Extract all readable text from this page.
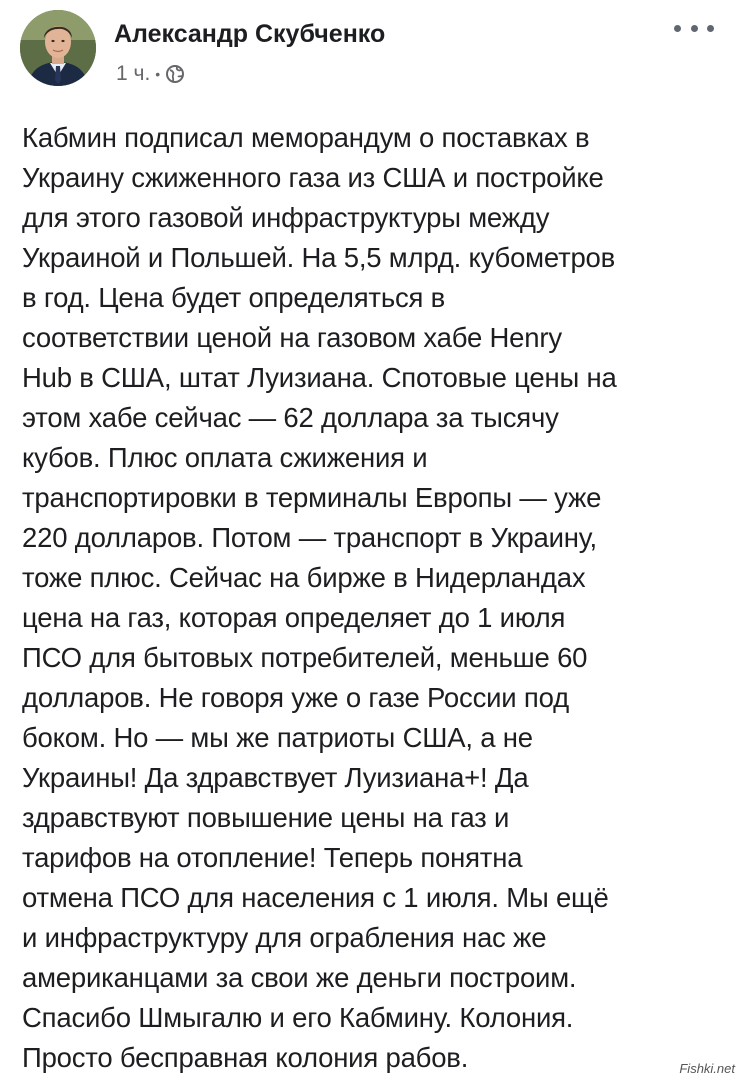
Александр Скубченко
1 ч. •
Кабмин подписал меморандум о поставках в
Украину сжиженного газа из США и постройке
для этого газовой инфраструктуры между
Украиной и Польшей. На 5,5 млрд. кубометров
в год. Цена будет определяться в
соответствии ценой на газовом хабе Henry
Hub в США, штат Луизиана. Спотовые цены на
этом хабе сейчас — 62 доллара за тысячу
кубов. Плюс оплата сжижения и
транспортировки в терминалы Европы — уже
220 долларов. Потом — транспорт в Украину,
тоже плюс. Сейчас на бирже в Нидерландах
цена на газ, которая определяет до 1 июля
ПСО для бытовых потребителей, меньше 60
долларов. Не говоря уже о газе России под
боком. Но — мы же патриоты США, а не
Украины! Да здравствует Луизиана+! Да
здравствуют повышение цены на газ и
тарифов на отопление! Теперь понятна
отмена ПСО для населения с 1 июля. Мы ещё
и инфраструктуру для ограбления нас же
американцами за свои же деньги построим.
Спасибо Шмыгалю и его Кабмину. Колония.
Просто бесправная колония рабов.	Fishki.net
